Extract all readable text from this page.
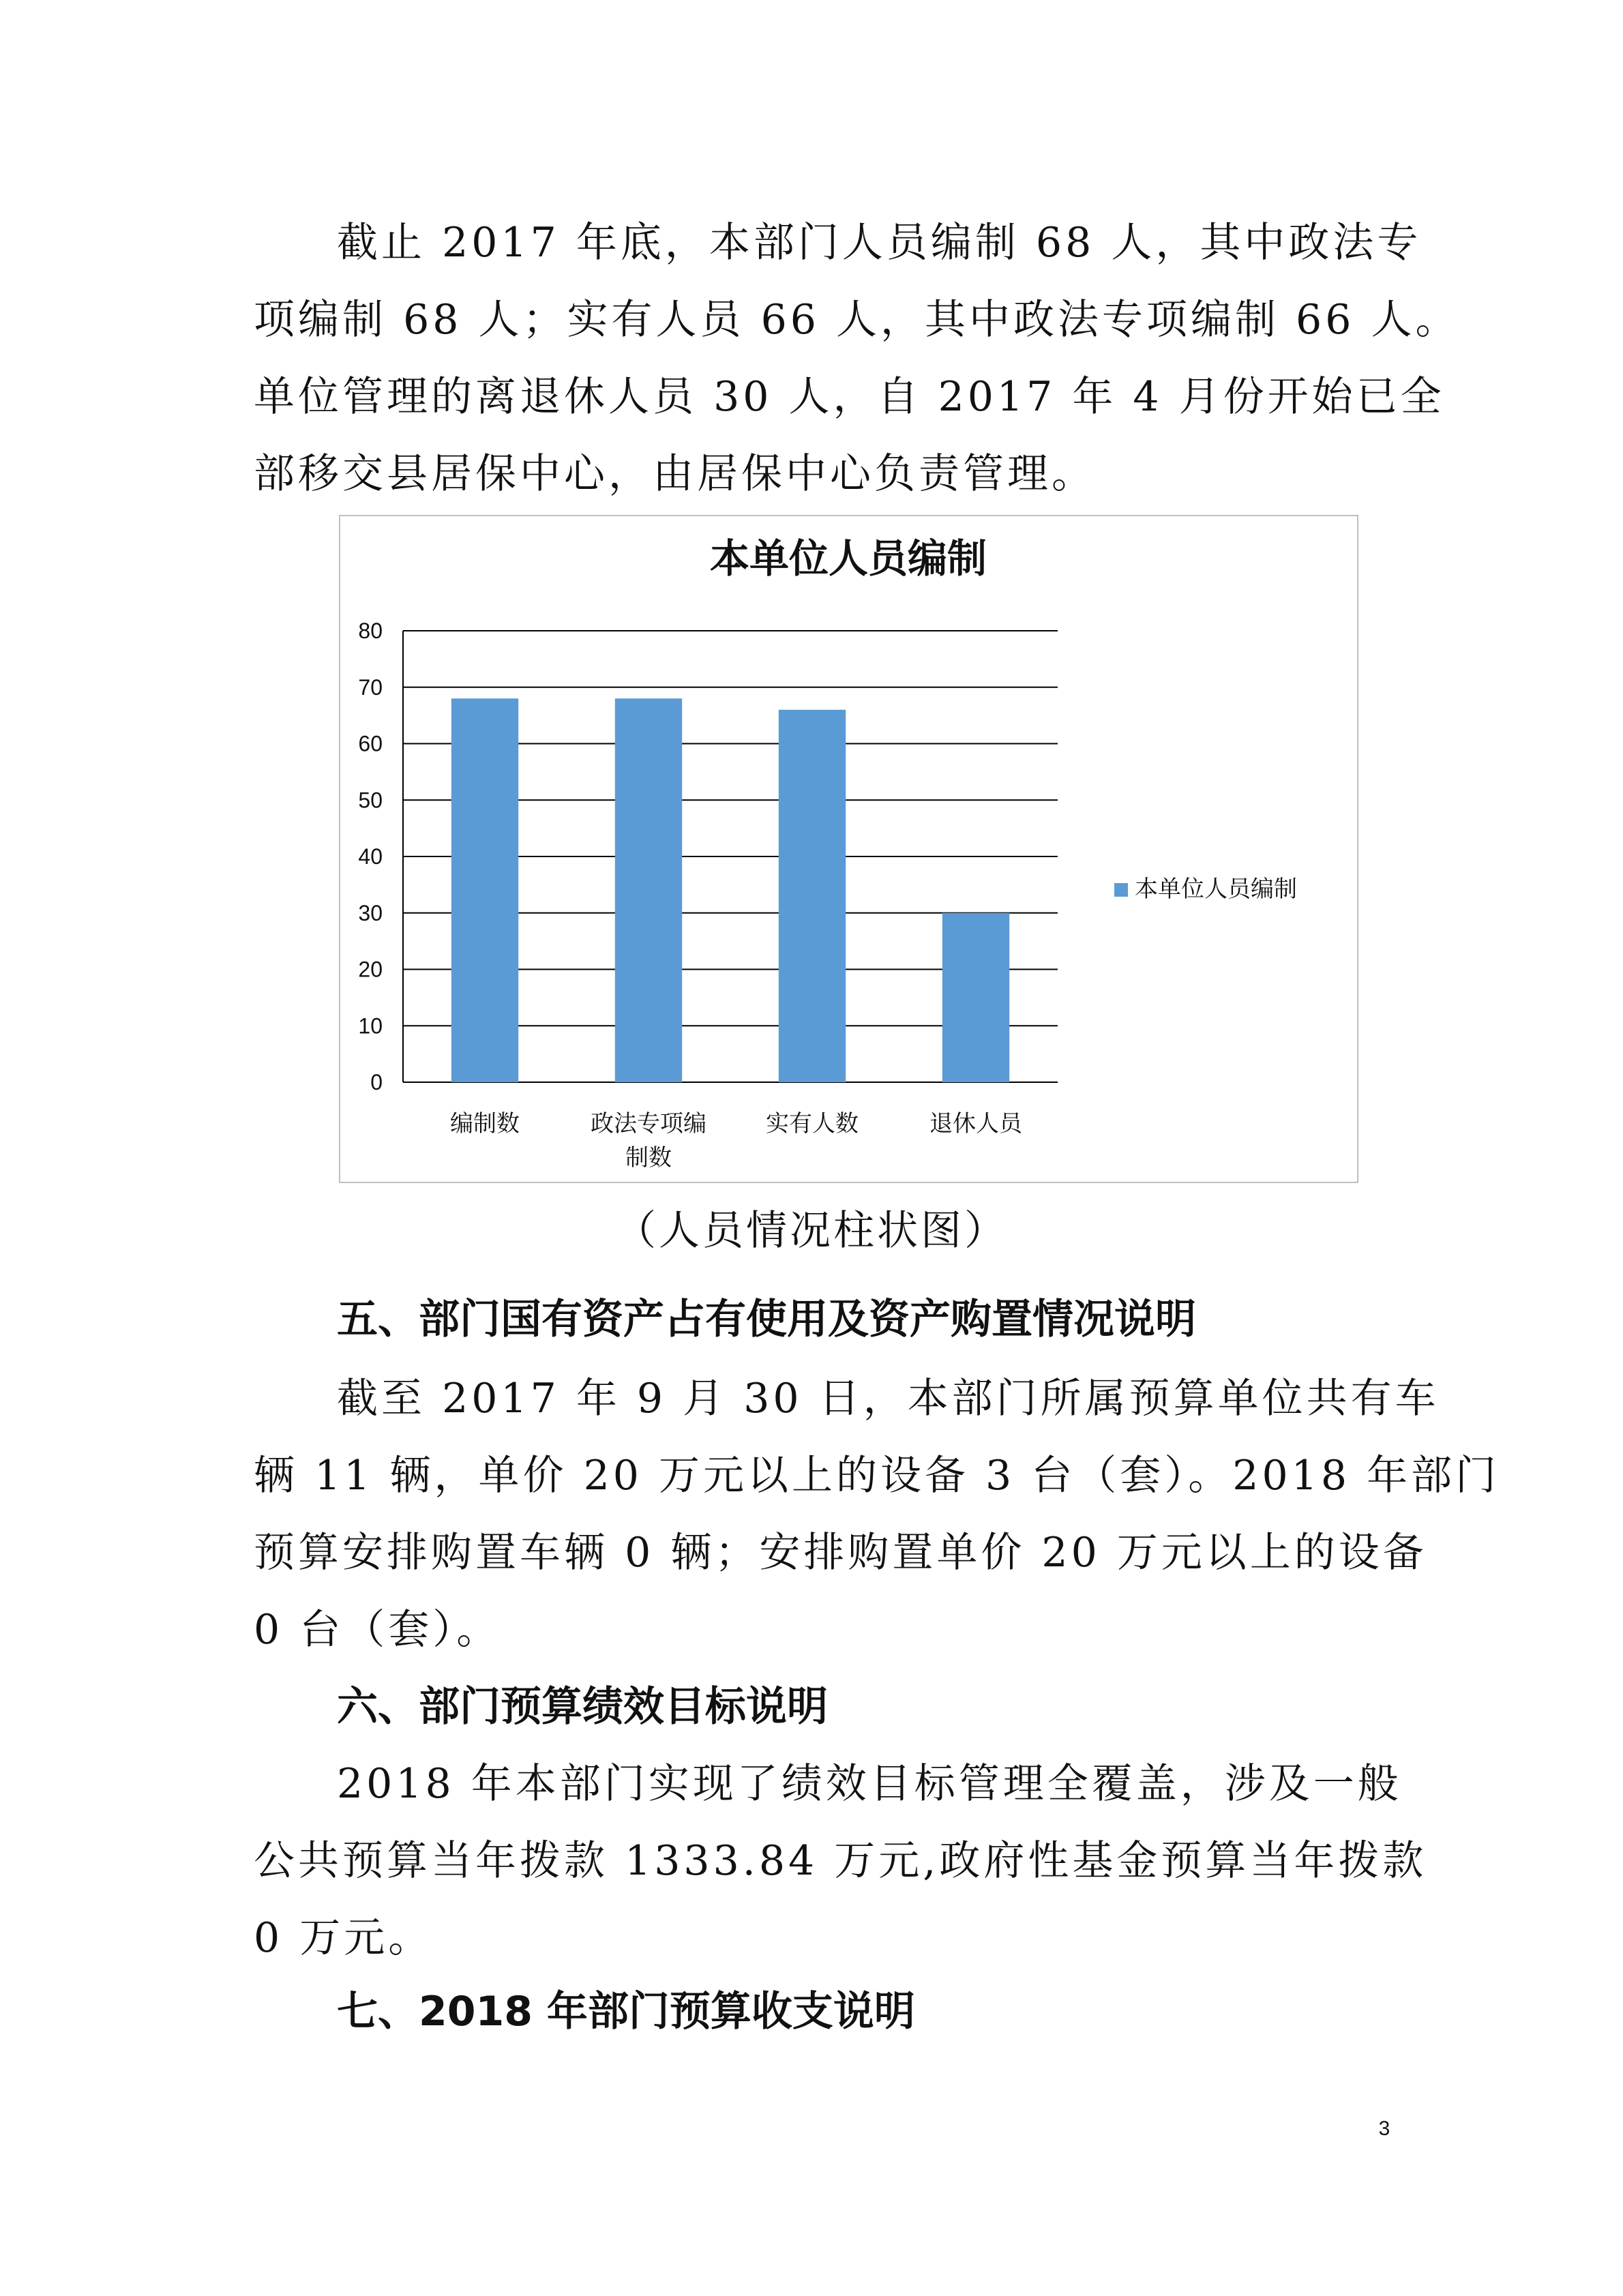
截止 2017 年底，本部门人员编制 68 人，其中政法专
项编制 68 人；实有人员 66 人，其中政法专项编制 66 人。
单位管理的离退休人员 30 人，自 2017 年 4 月份开始已全
部移交县居保中心，由居保中心负责管理。
本单位人员编制
0
10
20
30
40
50
60
70
80
编制数	政法专项编
制数
实有人数	退休人员
本单位人员编制

（人员情况柱状图）

五、部门国有资产占有使用及资产购置情况说明

截至 2017 年 9 月 30 日，本部门所属预算单位共有车
辆 11 辆，单价 20 万元以上的设备 3 台（套）。2018 年部门
预算安排购置车辆 0 辆；安排购置单价 20 万元以上的设备
0 台（套）。

六、部门预算绩效目标说明

2018 年本部门实现了绩效目标管理全覆盖，涉及一般
公共预算当年拨款 1333.84 万元,政府性基金预算当年拨款
0 万元。

七、2018 年部门预算收支说明

3
